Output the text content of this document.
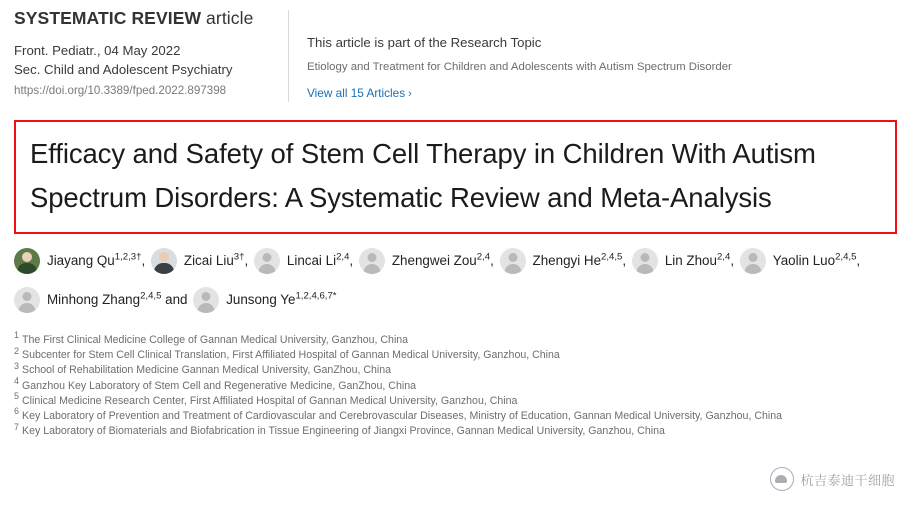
SYSTEMATIC REVIEW article
Front. Pediatr., 04 May 2022
Sec. Child and Adolescent Psychiatry
https://doi.org/10.3389/fped.2022.897398
This article is part of the Research Topic
Etiology and Treatment for Children and Adolescents with Autism Spectrum Disorder
View all 15 Articles ›
Efficacy and Safety of Stem Cell Therapy in Children With Autism Spectrum Disorders: A Systematic Review and Meta-Analysis
Jiayang $Qu^{1,2,3\dagger}$,
	Zicai Liu$^{3\dagger}$,
	Lincai Li$^{2,4}$,
	Zhengwei Zou$^{2,4}$,
	Zhengyi He$^{2,4,5}$,
	Lin Zhou$^{2,4}$,
	Yaolin Luo$^{2,4,5}$,

Minhong Zhang$^{2,4,5}$ and
	Junsong $Ye^{1,2,4,6,7*}$
$^1$ The First Clinical Medicine College of Gannan Medical University, Ganzhou, China
$^2$ Subcenter for Stem Cell Clinical Translation, First Affiliated Hospital of Gannan Medical University, Ganzhou, China
$^3$ School of Rehabilitation Medicine Gannan Medical University, GanZhou, China
$^4$ Ganzhou Key Laboratory of Stem Cell and Regenerative Medicine, GanZhou, China
$^5$ Clinical Medicine Research Center, First Affiliated Hospital of Gannan Medical University, Ganzhou, China
$^6$ Key Laboratory of Prevention and Treatment of Cardiovascular and Cerebrovascular Diseases, Ministry of Education, Gannan Medical University, Ganzhou, China
$^7$ Key Laboratory of Biomaterials and Biofabrication in Tissue Engineering of Jiangxi Province, Gannan Medical University, Ganzhou, China
杭吉泰迪干细胞
